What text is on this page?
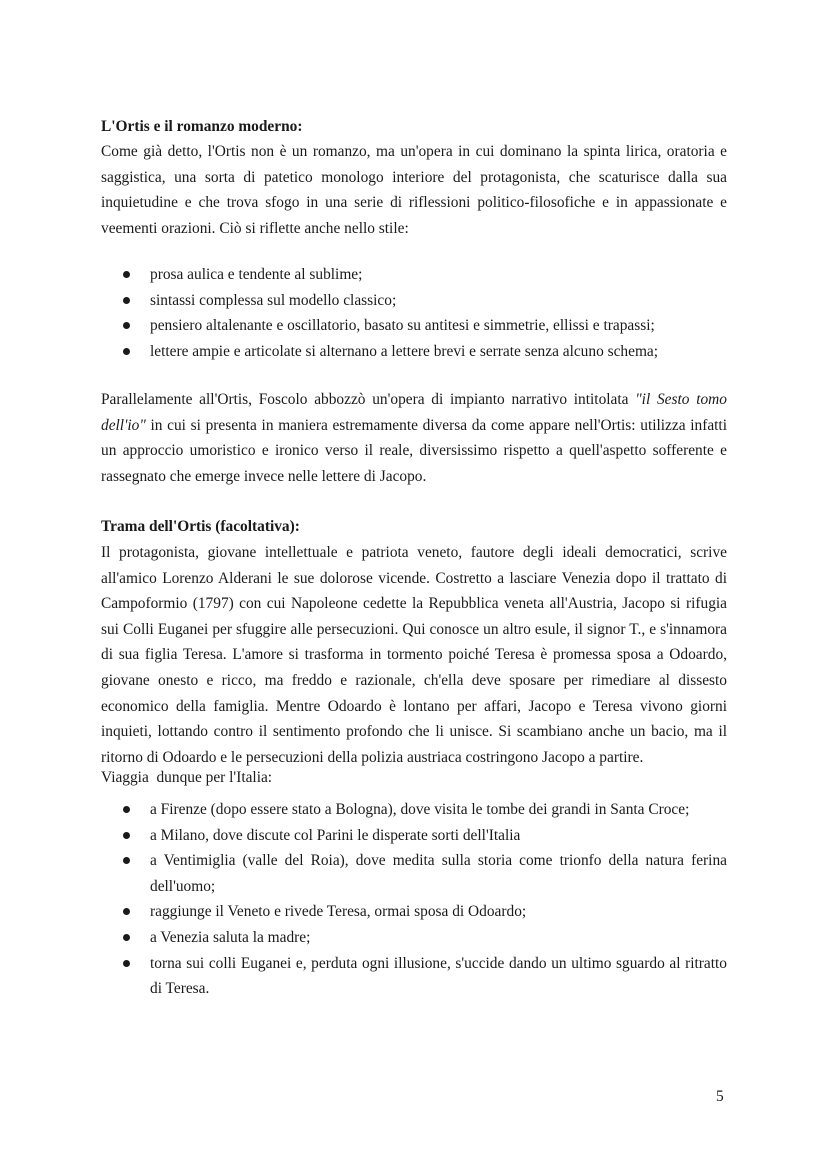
L'Ortis e il romanzo moderno:

Come già detto, l'Ortis non è un romanzo, ma un'opera in cui dominano la spinta lirica, oratoria e saggistica, una sorta di patetico monologo interiore del protagonista, che scaturisce dalla sua inquietudine e che trova sfogo in una serie di riflessioni politico-filosofiche e in appassionate e veementi orazioni. Ciò si riflette anche nello stile:

prosa aulica e tendente al sublime;
sintassi complessa sul modello classico;
pensiero altalenante e oscillatorio, basato su antitesi e simmetrie, ellissi e trapassi;
lettere ampie e articolate si alternano a lettere brevi e serrate senza alcuno schema;

Parallelamente all'Ortis, Foscolo abbozzò un'opera di impianto narrativo intitolata "il Sesto tomo dell'io" in cui si presenta in maniera estremamente diversa da come appare nell'Ortis: utilizza infatti un approccio umoristico e ironico verso il reale, diversissimo rispetto a quell'aspetto sofferente e rassegnato che emerge invece nelle lettere di Jacopo.

Trama dell'Ortis (facoltativa):

Il protagonista, giovane intellettuale e patriota veneto, fautore degli ideali democratici, scrive all'amico Lorenzo Alderani le sue dolorose vicende. Costretto a lasciare Venezia dopo il trattato di Campoformio (1797) con cui Napoleone cedette la Repubblica veneta all'Austria, Jacopo si rifugia sui Colli Euganei per sfuggire alle persecuzioni. Qui conosce un altro esule, il signor T., e s'innamora di sua figlia Teresa. L'amore si trasforma in tormento poiché Teresa è promessa sposa a Odoardo, giovane onesto e ricco, ma freddo e razionale, ch'ella deve sposare per rimediare al dissesto economico della famiglia. Mentre Odoardo è lontano per affari, Jacopo e Teresa vivono giorni inquieti, lottando contro il sentimento profondo che li unisce. Si scambiano anche un bacio, ma il ritorno di Odoardo e le persecuzioni della polizia austriaca costringono Jacopo a partire.

Viaggia  dunque per l'Italia:

a Firenze (dopo essere stato a Bologna), dove visita le tombe dei grandi in Santa Croce;
a Milano, dove discute col Parini le disperate sorti dell'Italia
a Ventimiglia (valle del Roia), dove medita sulla storia come trionfo della natura ferina dell'uomo;
raggiunge il Veneto e rivede Teresa, ormai sposa di Odoardo;
a Venezia saluta la madre;
torna sui colli Euganei e, perduta ogni illusione, s'uccide dando un ultimo sguardo al ritratto di Teresa.
5
